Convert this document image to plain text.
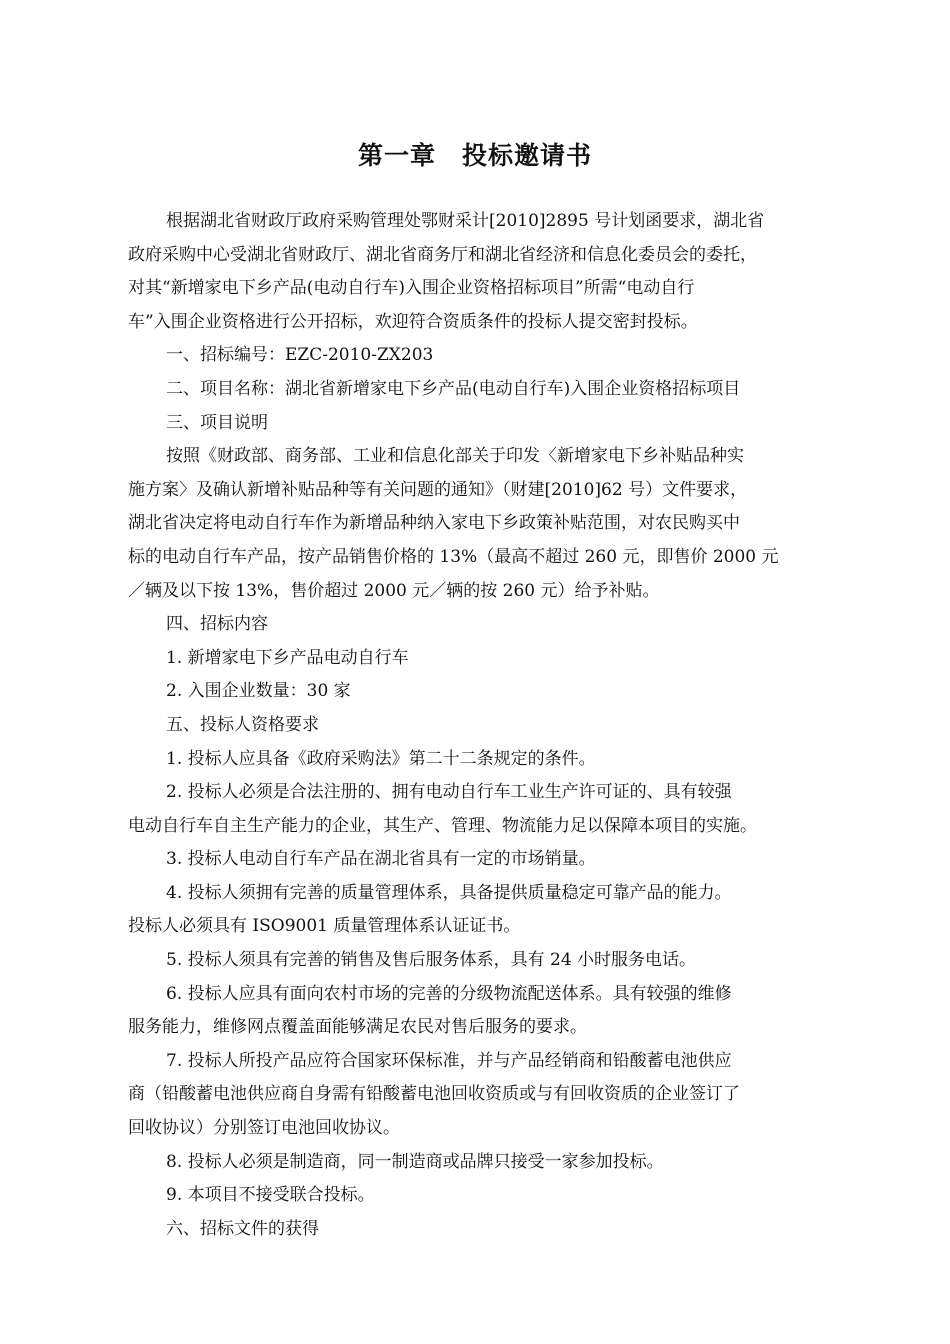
第一章　投标邀请书

根据湖北省财政厅政府采购管理处鄂财采计[2010]2895 号计划函要求，湖北省

政府采购中心受湖北省财政厅、湖北省商务厅和湖北省经济和信息化委员会的委托，

对其“新增家电下乡产品(电动自行车)入围企业资格招标项目”所需“电动自行

车”入围企业资格进行公开招标，欢迎符合资质条件的投标人提交密封投标。

一、招标编号：EZC-2010-ZX203

二、项目名称：湖北省新增家电下乡产品(电动自行车)入围企业资格招标项目

三、项目说明

按照《财政部、商务部、工业和信息化部关于印发〈新增家电下乡补贴品种实

施方案〉及确认新增补贴品种等有关问题的通知》（财建[2010]62 号）文件要求，

湖北省决定将电动自行车作为新增品种纳入家电下乡政策补贴范围，对农民购买中

标的电动自行车产品，按产品销售价格的 13%（最高不超过 260 元，即售价 2000 元

／辆及以下按 13%，售价超过 2000 元／辆的按 260 元）给予补贴。

四、招标内容

1. 新增家电下乡产品电动自行车

2. 入围企业数量：30 家

五、投标人资格要求

1. 投标人应具备《政府采购法》第二十二条规定的条件。

2. 投标人必须是合法注册的、拥有电动自行车工业生产许可证的、具有较强

电动自行车自主生产能力的企业，其生产、管理、物流能力足以保障本项目的实施。

3. 投标人电动自行车产品在湖北省具有一定的市场销量。

4. 投标人须拥有完善的质量管理体系，具备提供质量稳定可靠产品的能力。

投标人必须具有 ISO9001 质量管理体系认证证书。

5. 投标人须具有完善的销售及售后服务体系，具有 24 小时服务电话。

6. 投标人应具有面向农村市场的完善的分级物流配送体系。具有较强的维修

服务能力，维修网点覆盖面能够满足农民对售后服务的要求。

7. 投标人所投产品应符合国家环保标准，并与产品经销商和铅酸蓄电池供应

商（铅酸蓄电池供应商自身需有铅酸蓄电池回收资质或与有回收资质的企业签订了

回收协议）分别签订电池回收协议。

8. 投标人必须是制造商，同一制造商或品牌只接受一家参加投标。

9. 本项目不接受联合投标。

六、招标文件的获得
